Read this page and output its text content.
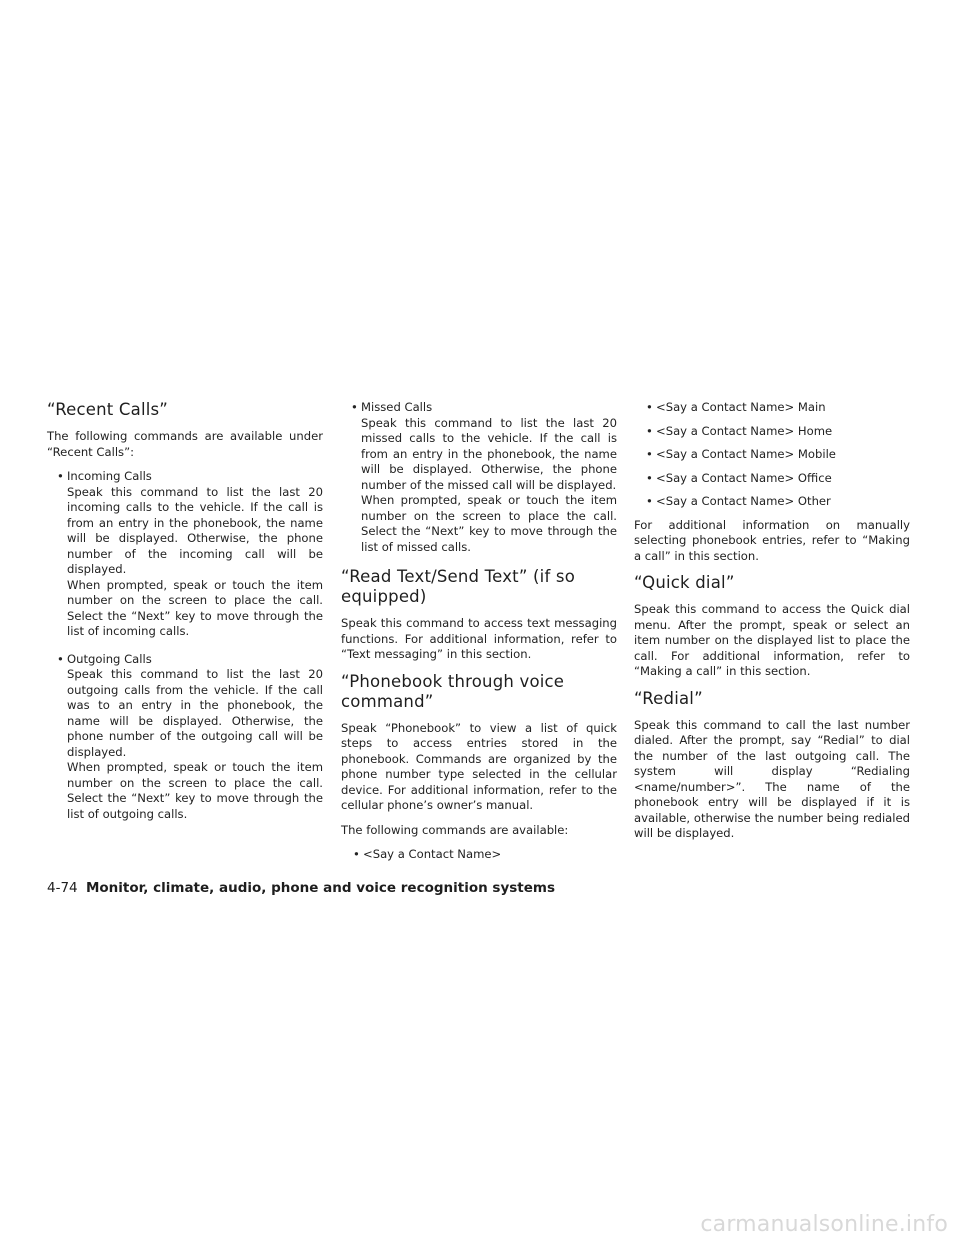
“Recent Calls”

The following commands are available under “Recent Calls”:

• Incoming Calls

Speak this command to list the last 20 incoming calls to the vehicle. If the call is from an entry in the phonebook, the name will be displayed. Otherwise, the phone number of the incoming call will be displayed.

When prompted, speak or touch the item number on the screen to place the call. Select the “Next” key to move through the list of incoming calls.

• Outgoing Calls

Speak this command to list the last 20 outgoing calls from the vehicle. If the call was to an entry in the phonebook, the name will be displayed. Otherwise, the phone number of the outgoing call will be displayed.

When prompted, speak or touch the item number on the screen to place the call. Select the “Next” key to move through the list of outgoing calls.

• Missed Calls

Speak this command to list the last 20 missed calls to the vehicle. If the call is from an entry in the phonebook, the name will be displayed. Otherwise, the phone number of the missed call will be displayed.

When prompted, speak or touch the item number on the screen to place the call. Select the “Next” key to move through the list of missed calls.

“Read Text/Send Text” (if so equipped)

Speak this command to access text messaging functions. For additional information, refer to “Text messaging” in this section.

“Phonebook through voice command”

Speak “Phonebook” to view a list of quick steps to access entries stored in the phonebook. Commands are organized by the phone number type selected in the cellular device. For additional information, refer to the cellular phone’s owner’s manual.

The following commands are available:

• <Say a Contact Name>
• <Say a Contact Name> Main
• <Say a Contact Name> Home
• <Say a Contact Name> Mobile
• <Say a Contact Name> Office
• <Say a Contact Name> Other

For additional information on manually selecting phonebook entries, refer to “Making a call” in this section.

“Quick dial”

Speak this command to access the Quick dial menu. After the prompt, speak or select an item number on the displayed list to place the call. For additional information, refer to “Making a call” in this section.

“Redial”

Speak this command to call the last number dialed. After the prompt, say “Redial” to dial the number of the last outgoing call. The system will display “Redialing <name/number>”. The name of the phonebook entry will be displayed if it is available, otherwise the number being redialed will be displayed.

4-74 Monitor, climate, audio, phone and voice recognition systems
carmanualsonline.info
